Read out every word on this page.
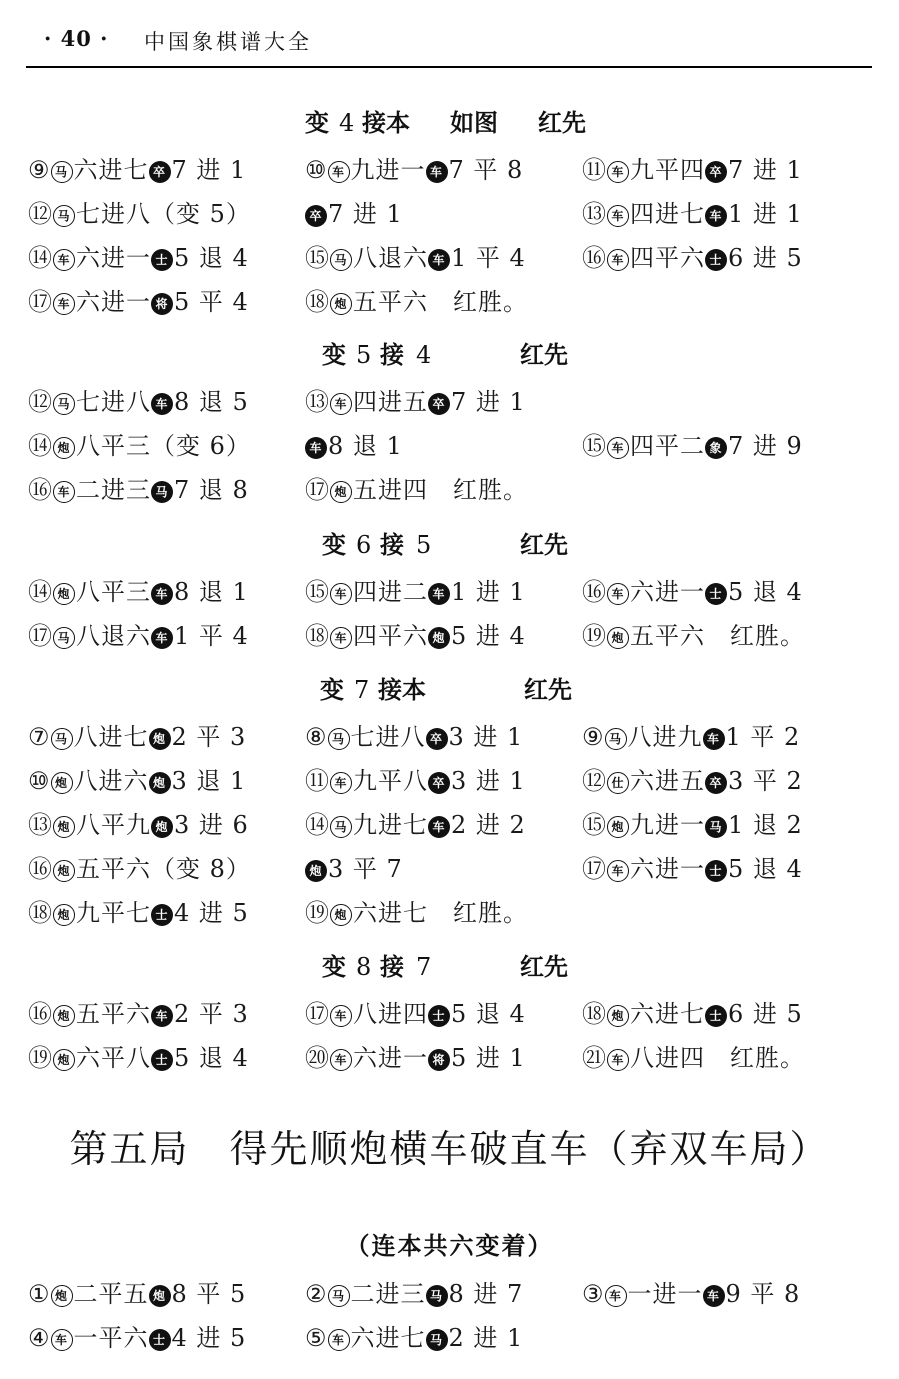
· 40 · 中国象棋谱大全
变 4 接本 如图 红先
⑨ 马 六进七 卒 7 进 1 ⑩ 车 九进一 车 7 平 8 ⑪ 车 九平四 卒 7 进 1
⑫ 马 七进八（变 5）	卒 7 进 1	⑬ 车 四进七 车 1 进 1
⑭ 车 六进一 士 5 退 4 ⑮ 马 八退六 车 1 平 4 ⑯ 车 四平六 士 6 进 5
⑰ 车 六进一 将 5 平 4 ⑱ 炮 五平六　红胜。
变 5 接 4	红先
⑫ 马 七进八 车 8 退 5 ⑬ 车 四进五 卒 7 进 1
⑭ 炮 八平三（变 6）	车 8 退 1	⑮ 车 四平二 象 7 进 9
⑯ 车 二进三 马 7 退 8 ⑰ 炮 五进四　红胜。
变 6 接 5	红先
⑭ 炮 八平三 车 8 退 1 ⑮ 车 四进二 车 1 进 1 ⑯ 车 六进一 士 5 退 4
⑰ 马 八退六 车 1 平 4 ⑱ 车 四平六 炮 5 进 4 ⑲ 炮 五平六　红胜。
变 7 接本	红先
⑦ 马 八进七 炮 2 平 3 ⑧ 马 七进八 卒 3 进 1 ⑨ 马 八进九 车 1 平 2
⑩ 炮 八进六 炮 3 退 1 ⑪ 车 九平八 卒 3 进 1 ⑫ 仕 六进五 卒 3 平 2
⑬ 炮 八平九 炮 3 进 6 ⑭ 马 九进七 车 2 进 2 ⑮ 炮 九进一 马 1 退 2
⑯ 炮 五平六（变 8）	炮 3 平 7	⑰ 车 六进一 士 5 退 4
⑱ 炮 九平七 士 4 进 5 ⑲ 炮 六进七　红胜。
变 8 接 7	红先
⑯ 炮 五平六 车 2 平 3 ⑰ 车 八进四 士 5 退 4 ⑱ 炮 六进七 士 6 进 5
⑲ 炮 六平八 士 5 退 4 ⑳ 车 六进一 将 5 进 1 ㉑ 车 八进四　红胜。
第五局　得先顺炮横车破直车（弃双车局）
（连本共六变着）
① 炮 二平五 炮 8 平 5 ② 马 二进三 马 8 进 7 ③ 车 一进一 车 9 平 8
④ 车 一平六 士 4 进 5 ⑤ 车 六进七 马 2 进 1
